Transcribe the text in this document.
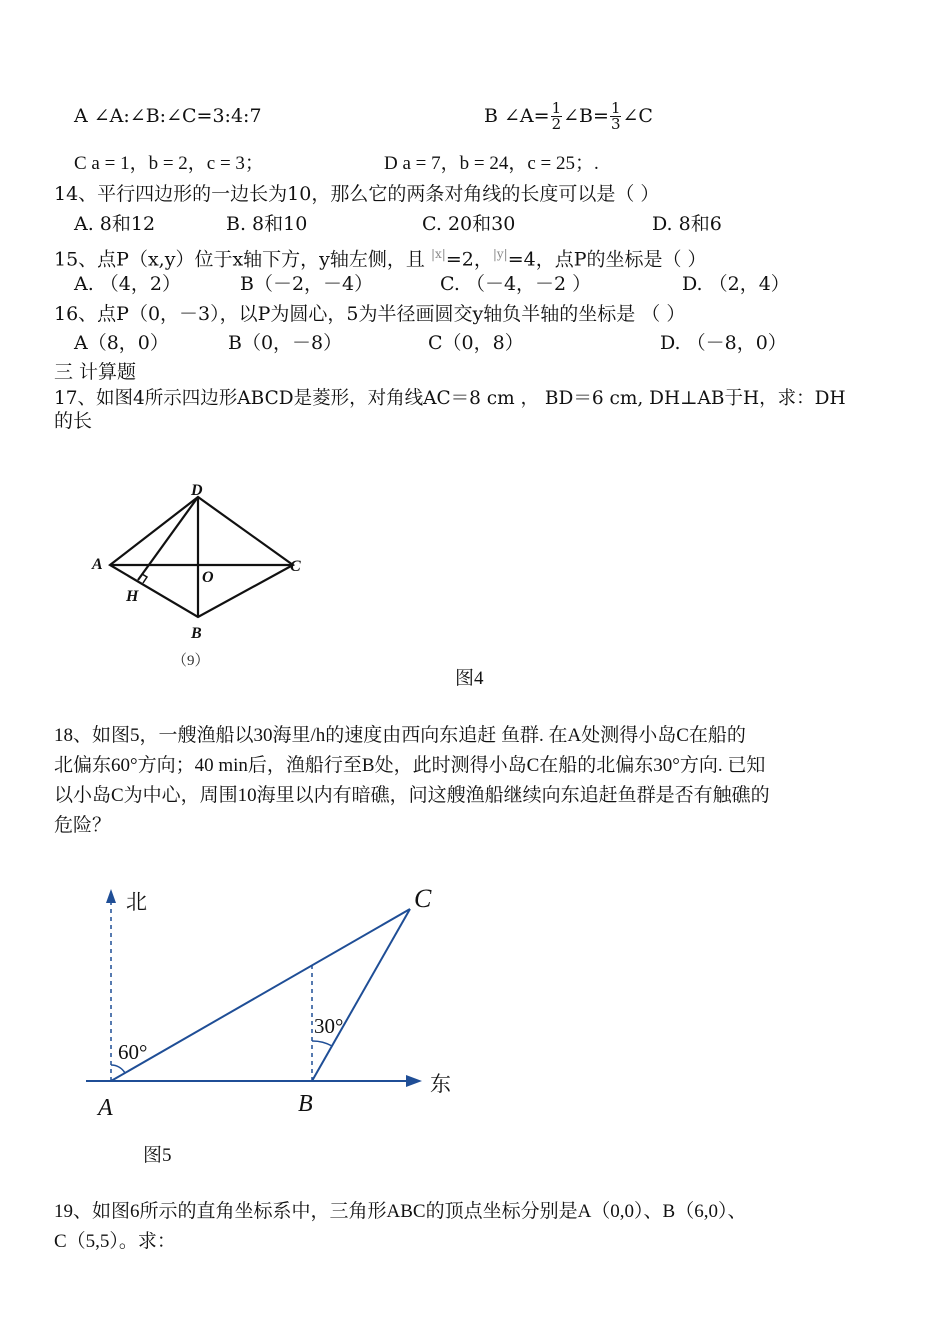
A ∠A:∠B:∠C=3:4:7	B ∠A= $\frac{1}{2}$ ∠B= $\frac{1}{3}$ ∠C
C a = 1，b = 2，c = 3；	D a = 7，b = 24，c = 25；.
14、平行四边形的一边长为10，那么它的两条对角线的长度可以是（ ）
A. 8和12	B. 8和10	C. 20和30	D. 8和6
15、点P（x,y）位于x轴下方，y轴左侧，且 $^{|x|}$=2，$^{|y|}$=4，点P的坐标是（ ）
A. （4，2）	B（－2，－4）	C. （－4，－2 ）	D. （2，4）
16、点P（0，－3），以P为圆心，5为半径画圆交y轴负半轴的坐标是 （ ）
A（8，0）	B（0，－8）	C（0，8）	D. （－8，0）
三 计算题
17、如图4所示四边形ABCD是菱形，对角线AC＝8 cm ， BD＝6 cm, DH⊥AB于H，求：DH
的长
D
A	C
O
H
B
（9）
图4
18、如图5，一艘渔船以30海里/h的速度由西向东追赶 鱼群. 在A处测得小岛C在船的
北偏东60°方向；40 min后，渔船行至B处，此时测得小岛C在船的北偏东30°方向. 已知
以小岛C为中心，周围10海里以内有暗礁，问这艘渔船继续向东追赶鱼群是否有触礁的
危险？
北
东
C
A	B
60°
30°
图5
19、如图6所示的直角坐标系中，三角形ABC的顶点坐标分别是A（0,0）、B（6,0）、
C（5,5）。求：
